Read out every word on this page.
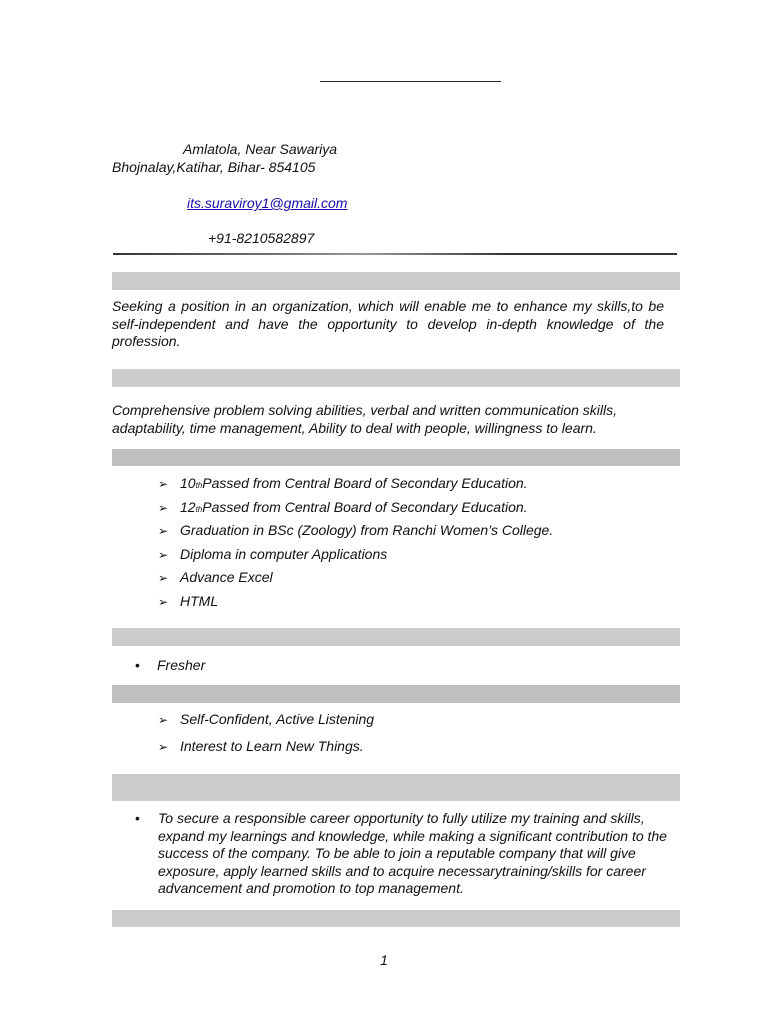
Amlatola, Near Sawariya
Bhojnalay,Katihar, Bihar- 854105
its.suraviroy1@gmail.com
+91-8210582897
Seeking a position in an organization, which will enable me to enhance my skills,to be self-independent and have the opportunity to develop in-depth knowledge of the profession.
Comprehensive problem solving abilities, verbal and written communication skills, adaptability, time management, Ability to deal with people, willingness to learn.
➢ 10 th Passed from Central Board of Secondary Education.
➢ 12 th Passed from Central Board of Secondary Education.
➢ Graduation in BSc (Zoology) from Ranchi Women’s College.
➢ Diploma in computer Applications
➢ Advance Excel
➢ HTML
•	Fresher
➢ Self-Confident, Active Listening
➢ Interest to Learn New Things.
• To secure a responsible career opportunity to fully utilize my training and skills, expand my learnings and knowledge, while making a significant contribution to the success of the company. To be able to join a reputable company that will give exposure, apply learned skills and to acquire necessarytraining/skills for career advancement and promotion to top management.
1
